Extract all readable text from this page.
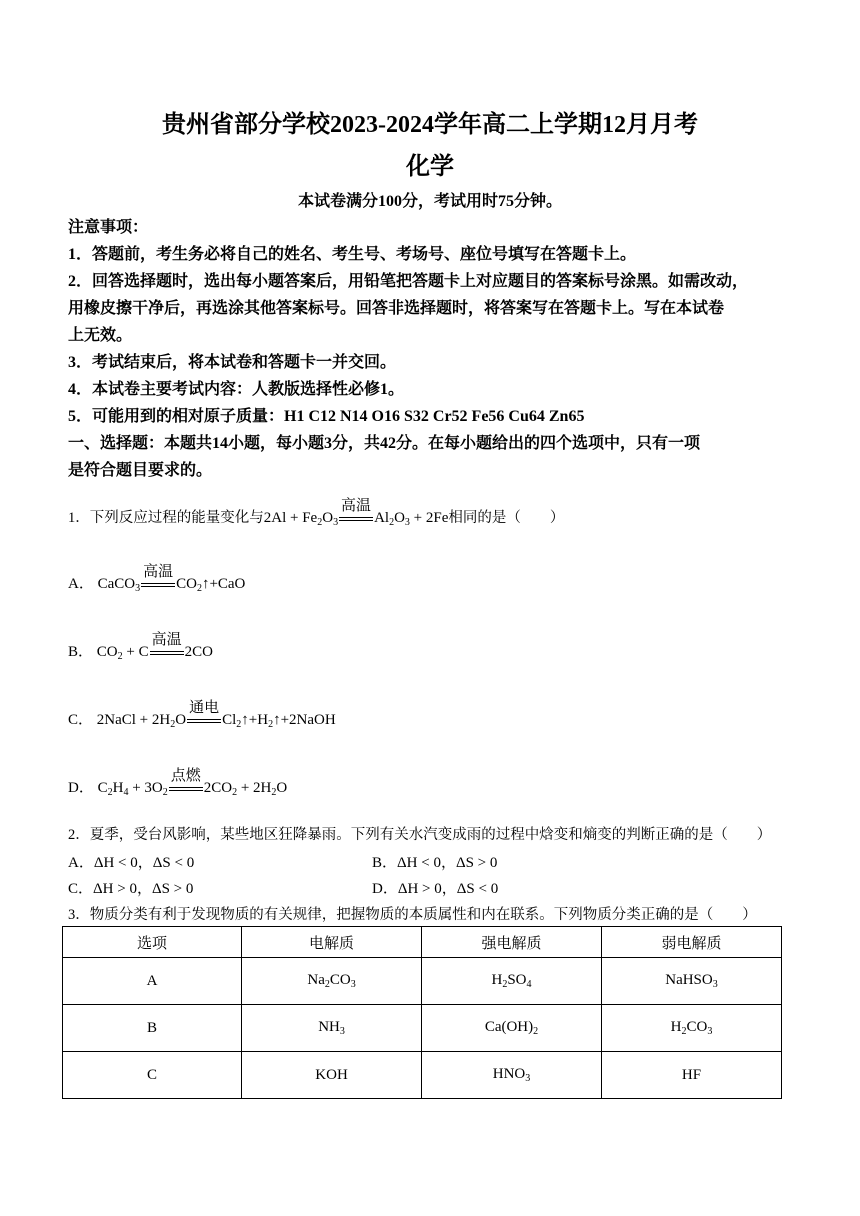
贵州省部分学校2023-2024学年高二上学期12月月考
化学
本试卷满分100分，考试用时75分钟。
注意事项：
1．答题前，考生务必将自己的姓名、考生号、考场号、座位号填写在答题卡上。
2．回答选择题时，选出每小题答案后，用铅笔把答题卡上对应题目的答案标号涂黑。如需改动，
用橡皮擦干净后，再选涂其他答案标号。回答非选择题时，将答案写在答题卡上。写在本试卷
上无效。
3．考试结束后，将本试卷和答题卡一并交回。
4．本试卷主要考试内容：人教版选择性必修1。
5．可能用到的相对原子质量：H1 C12 N14 O16 S32 Cr52 Fe56 Cu64 Zn65
一、选择题：本题共14小题，每小题3分，共42分。在每小题给出的四个选项中，只有一项
是符合题目要求的。
1．下列反应过程的能量变化与$2Al + Fe_2O_3$
高温
$Al_2O_3 + 2Fe$相同的是（　　）
A． CaCO$_3$
高温
$CO_2↑+CaO$
B． $CO_2 + C$
高温
2CO
C． 2NaCl + $2H_2O$
通电
$Cl_2↑+H_2↑+2NaOH$
D． $C_2H_4 + 3O_2$
点燃
$2CO_2 + 2H_2O$
2．夏季，受台风影响，某些地区狂降暴雨。下列有关水汽变成雨的过程中焓变和熵变的判断正确的是（　　）
A．ΔH < 0，ΔS < 0	B．ΔH < 0，ΔS > 0
C．ΔH > 0，ΔS > 0	D．ΔH > 0，ΔS < 0
3．物质分类有利于发现物质的有关规律，把握物质的本质属性和内在联系。下列物质分类正确的是（　　）
选项	电解质	强电解质	弱电解质
A	$Na_2CO_3$	$H_2SO_4$	NaHSO$_3$
B	$NH_3$	$Ca(OH)_2$	$H_2CO_3$
C	KOH	$HNO_3$	HF
